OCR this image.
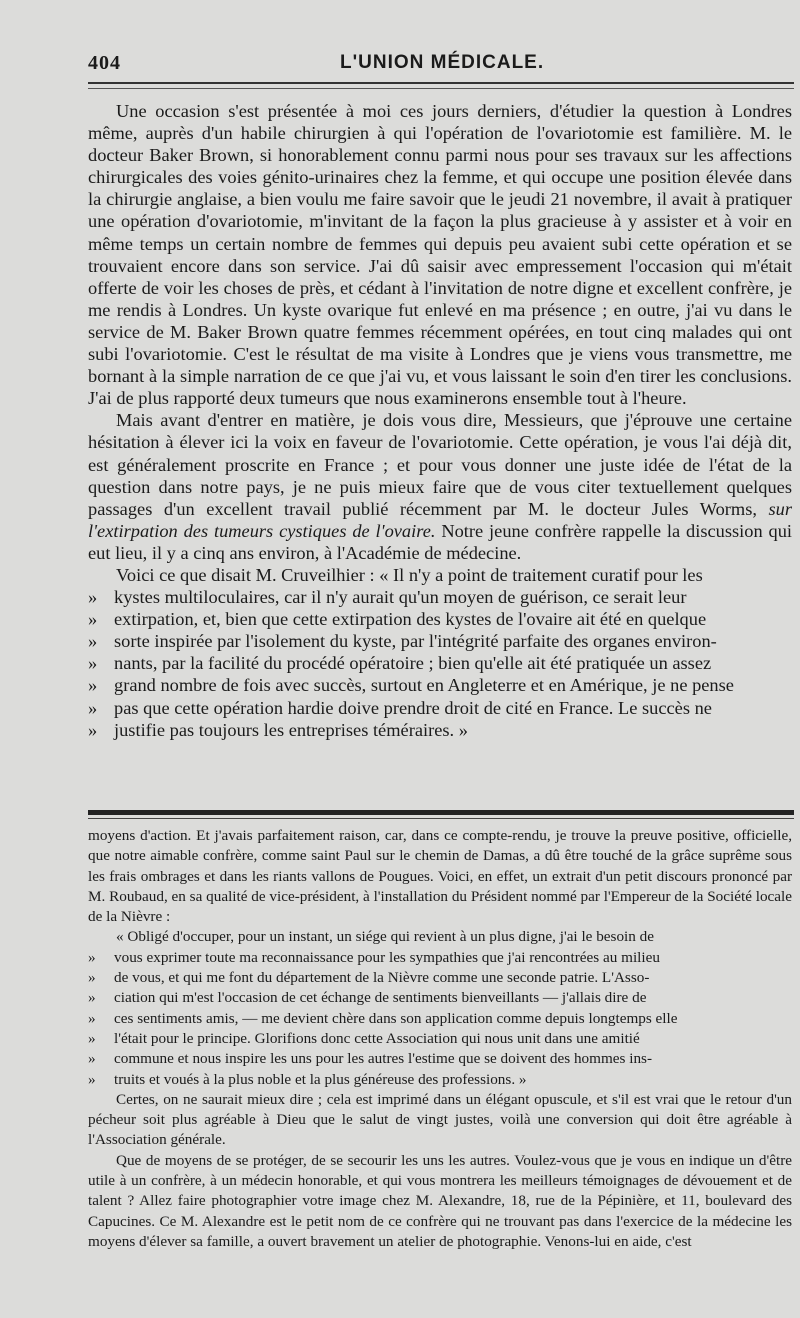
404	L'UNION MÉDICALE.

Une occasion s'est présentée à moi ces jours derniers, d'étudier la question à Londres même, auprès d'un habile chirurgien à qui l'opération de l'ovariotomie est familière. M. le docteur Baker Brown, si honorablement connu parmi nous pour ses travaux sur les affections chirurgicales des voies génito-urinaires chez la femme, et qui occupe une position élevée dans la chirurgie anglaise, a bien voulu me faire savoir que le jeudi 21 novembre, il avait à pratiquer une opération d'ovariotomie, m'invitant de la façon la plus gracieuse à y assister et à voir en même temps un certain nombre de femmes qui depuis peu avaient subi cette opération et se trouvaient encore dans son service. J'ai dû saisir avec empressement l'occasion qui m'était offerte de voir les choses de près, et cédant à l'invitation de notre digne et excellent confrère, je me rendis à Londres. Un kyste ovarique fut enlevé en ma présence ; en outre, j'ai vu dans le service de M. Baker Brown quatre femmes récemment opérées, en tout cinq malades qui ont subi l'ovariotomie. C'est le résultat de ma visite à Londres que je viens vous transmettre, me bornant à la simple narration de ce que j'ai vu, et vous laissant le soin d'en tirer les conclusions. J'ai de plus rapporté deux tumeurs que nous examinerons ensemble tout à l'heure.

Mais avant d'entrer en matière, je dois vous dire, Messieurs, que j'éprouve une certaine hésitation à élever ici la voix en faveur de l'ovariotomie. Cette opération, je vous l'ai déjà dit, est généralement proscrite en France ; et pour vous donner une juste idée de l'état de la question dans notre pays, je ne puis mieux faire que de vous citer textuellement quelques passages d'un excellent travail publié récemment par M. le docteur Jules Worms, sur l'extirpation des tumeurs cystiques de l'ovaire. Notre jeune confrère rappelle la discussion qui eut lieu, il y a cinq ans environ, à l'Académie de médecine.

Voici ce que disait M. Cruveilhier : « Il n'y a point de traitement curatif pour les

» kystes multiloculaires, car il n'y aurait qu'un moyen de guérison, ce serait leur

» extirpation, et, bien que cette extirpation des kystes de l'ovaire ait été en quelque

» sorte inspirée par l'isolement du kyste, par l'intégrité parfaite des organes environ-

» nants, par la facilité du procédé opératoire ; bien qu'elle ait été pratiquée un assez

» grand nombre de fois avec succès, surtout en Angleterre et en Amérique, je ne pense

» pas que cette opération hardie doive prendre droit de cité en France. Le succès ne

» justifie pas toujours les entreprises téméraires. »

moyens d'action. Et j'avais parfaitement raison, car, dans ce compte-rendu, je trouve la preuve positive, officielle, que notre aimable confrère, comme saint Paul sur le chemin de Damas, a dû être touché de la grâce suprême sous les frais ombrages et dans les riants vallons de Pougues. Voici, en effet, un extrait d'un petit discours prononcé par M. Roubaud, en sa qualité de vice-président, à l'installation du Président nommé par l'Empereur de la Société locale de la Nièvre :

« Obligé d'occuper, pour un instant, un siége qui revient à un plus digne, j'ai le besoin de

» vous exprimer toute ma reconnaissance pour les sympathies que j'ai rencontrées au milieu

» de vous, et qui me font du département de la Nièvre comme une seconde patrie. L'Asso-

» ciation qui m'est l'occasion de cet échange de sentiments bienveillants — j'allais dire de

» ces sentiments amis, — me devient chère dans son application comme depuis longtemps elle

» l'était pour le principe. Glorifions donc cette Association qui nous unit dans une amitié

» commune et nous inspire les uns pour les autres l'estime que se doivent des hommes ins-

» truits et voués à la plus noble et la plus généreuse des professions. »

Certes, on ne saurait mieux dire ; cela est imprimé dans un élégant opuscule, et s'il est vrai que le retour d'un pécheur soit plus agréable à Dieu que le salut de vingt justes, voilà une conversion qui doit être agréable à l'Association générale.

Que de moyens de se protéger, de se secourir les uns les autres. Voulez-vous que je vous en indique un d'être utile à un confrère, à un médecin honorable, et qui vous montrera les meilleurs témoignages de dévouement et de talent ? Allez faire photographier votre image chez M. Alexandre, 18, rue de la Pépinière, et 11, boulevard des Capucines. Ce M. Alexandre est le petit nom de ce confrère qui ne trouvant pas dans l'exercice de la médecine les moyens d'élever sa famille, a ouvert bravement un atelier de photographie. Venons-lui en aide, c'est
